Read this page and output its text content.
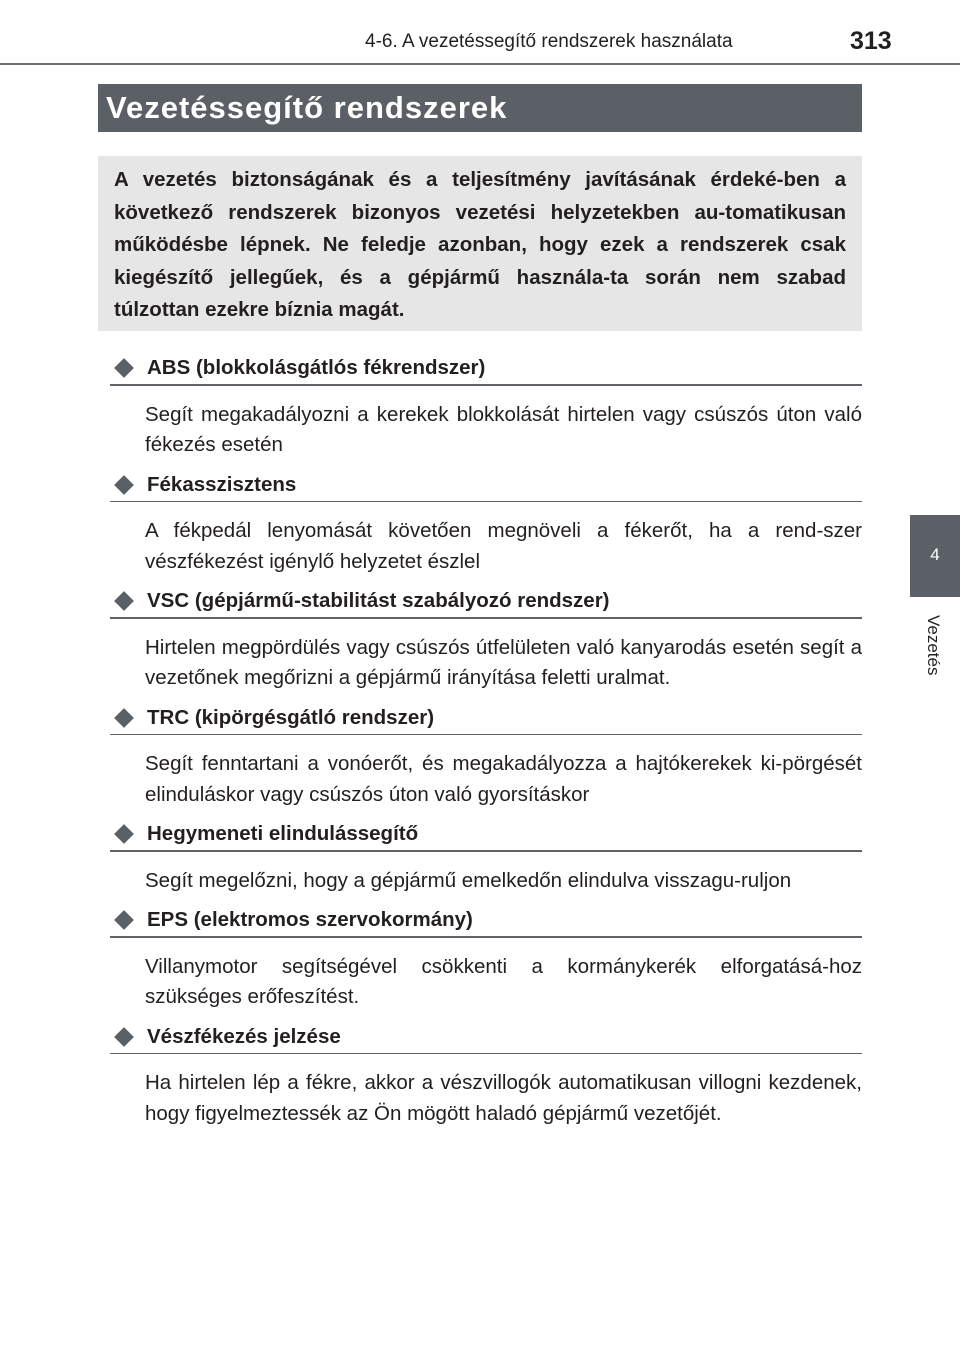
4-6. A vezetéssegítő rendszerek használata	313
Vezetéssegítő rendszerek
A vezetés biztonságának és a teljesítmény javításának érdeké-ben a következő rendszerek bizonyos vezetési helyzetekben au-tomatikusan működésbe lépnek. Ne feledje azonban, hogy ezek a rendszerek csak kiegészítő jellegűek, és a gépjármű használa-ta során nem szabad túlzottan ezekre bíznia magát.
4
Vezetés
ABS (blokkolásgátlós fékrendszer)
Segít megakadályozni a kerekek blokkolását hirtelen vagy csúszós úton való fékezés esetén
Fékasszisztens
A fékpedál lenyomását követően megnöveli a fékerőt, ha a rend-szer vészfékezést igénylő helyzetet észlel
VSC (gépjármű-stabilitást szabályozó rendszer)
Hirtelen megpördülés vagy csúszós útfelületen való kanyarodás esetén segít a vezetőnek megőrizni a gépjármű irányítása feletti uralmat.
TRC (kipörgésgátló rendszer)
Segít fenntartani a vonóerőt, és megakadályozza a hajtókerekek ki-pörgését elinduláskor vagy csúszós úton való gyorsításkor
Hegymeneti elindulássegítő
Segít megelőzni, hogy a gépjármű emelkedőn elindulva visszagu-ruljon
EPS (elektromos szervokormány)
Villanymotor segítségével csökkenti a kormánykerék elforgatásá-hoz szükséges erőfeszítést.
Vészfékezés jelzése
Ha hirtelen lép a fékre, akkor a vészvillogók automatikusan villogni kezdenek, hogy figyelmeztessék az Ön mögött haladó gépjármű vezetőjét.
